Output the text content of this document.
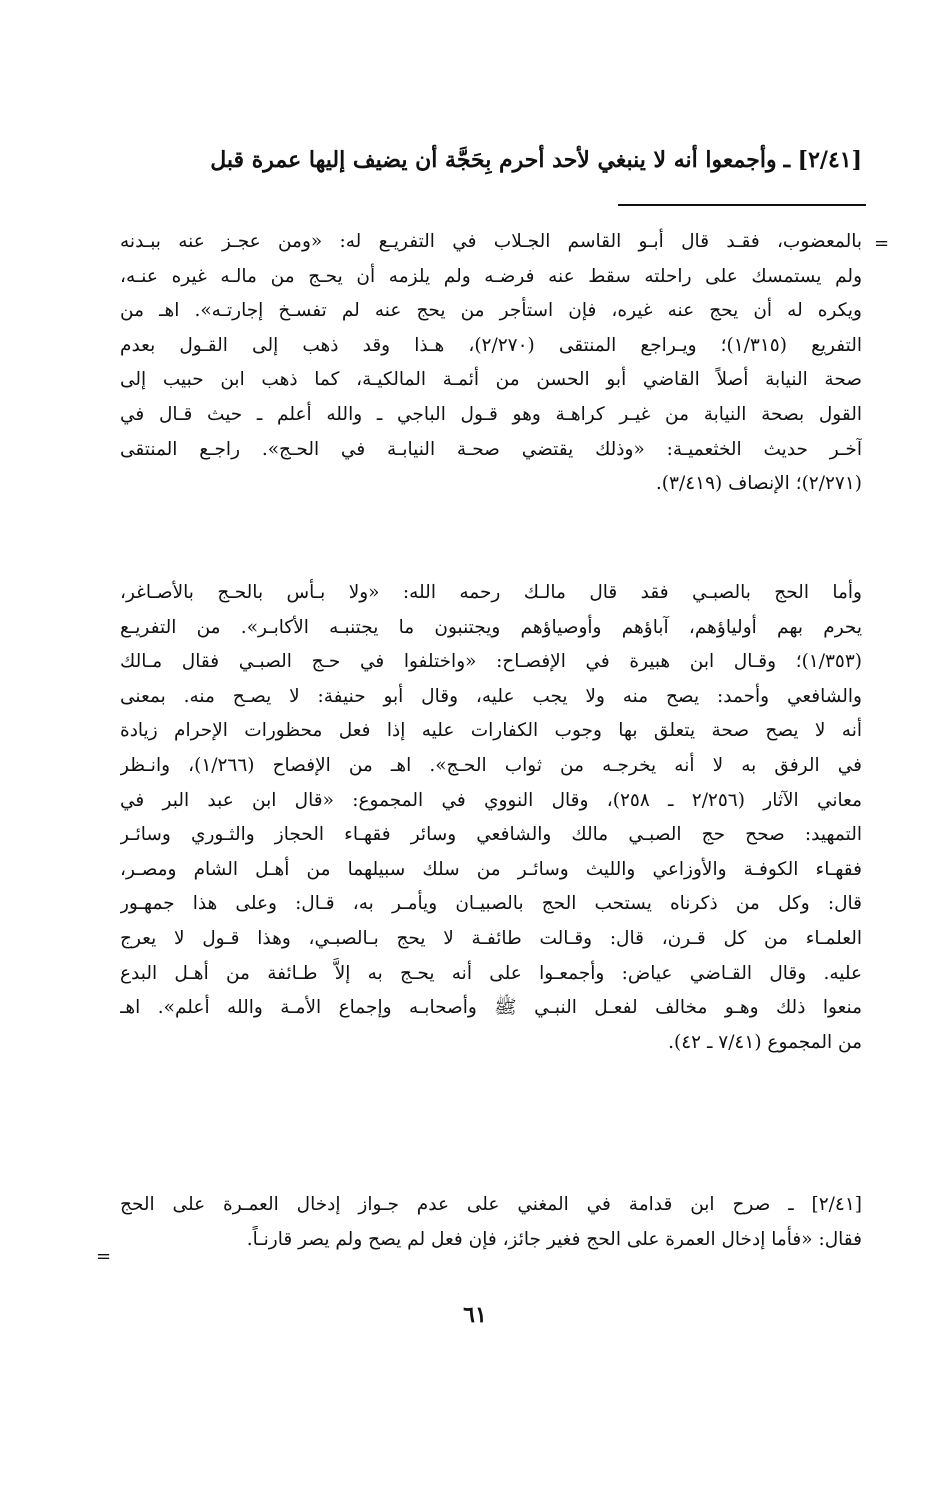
[٢/٤١] ـ وأجمعوا أنه لا ينبغي لأحد أحرم بِحَجَّة أن يضيف إليها عمرة قبل
=
بالمعضوب، فقـد قال أبـو القاسم الجـلاب في التفريـع له: «ومن عجـز عنه ببـدنه
ولم يستمسك على راحلته سقط عنه فرضـه ولم يلزمه أن يحـج من مالـه غيره عنـه،
ويكره له أن يحج عنه غيره، فإن استأجر من يحج عنه لم تفسـخ إجارتـه». اهـ من
التفريع (١/٣١٥)؛ ويـراجع المنتقى (٢/٢٧٠)، هـذا وقد ذهب إلى القـول بعدم
صحة النيابة أصلاً القاضي أبو الحسن من أئمـة المالكيـة، كما ذهب ابن حبيب إلى
القول بصحة النيابة من غيـر كراهـة وهو قـول الباجي ـ والله أعلم ـ حيث قـال في
آخـر حديث الخثعميـة: «وذلك يقتضي صحـة النيابـة في الحـج». راجـع المنتقى
(٢/٢٧١)؛ الإنصاف (٣/٤١٩).
وأما الحج بالصبـي فقد قال مالـك رحمه الله: «ولا بـأس بالحـج بالأصـاغر،
يحرم بهم أولياؤهم، آباؤهم وأوصياؤهم ويجتنبون ما يجتنبـه الأكابـر». من التفريـع
(١/٣٥٣)؛ وقـال ابن هبيرة في الإفصـاح: «واختلفوا في حـج الصبـي فقال مـالك
والشافعي وأحمد: يصح منه ولا يجب عليه، وقال أبو حنيفة: لا يصـح منه. بمعنى
أنه لا يصح صحة يتعلق بها وجوب الكفارات عليه إذا فعل محظورات الإحرام زيادة
في الرفق به لا أنه يخرجـه من ثواب الحـج». اهـ من الإفصاح (١/٢٦٦)، وانـظر
معاني الآثار (٢/٢٥٦ ـ ٢٥٨)، وقال النووي في المجموع: «قال ابن عبد البر في
التمهيد: صحح حج الصبـي مالك والشافعي وسائر فقهـاء الحجاز والثـوري وسائـر
فقهـاء الكوفـة والأوزاعي والليث وسائـر من سلك سبيلهما من أهـل الشام ومصـر،
قال: وكل من ذكرناه يستحب الحج بالصبيـان ويأمـر به، قـال: وعلى هذا جمهـور
العلمـاء من كل قـرن، قال: وقـالت طائفـة لا يحج بـالصبـي، وهذا قـول لا يعرج
عليه. وقال القـاضي عياض: وأجمعـوا على أنه يحـج به إلاَّ طـائفة من أهـل البدع
منعوا ذلك وهـو مخالف لفعـل النبـي ﷺ وأصحابـه وإجماع الأمـة والله أعلم». اهـ
من المجموع (٧/٤١ ـ ٤٢).
[٢/٤١] ـ صرح ابن قدامة في المغني على عدم جـواز إدخال العمـرة على الحج
فقال: «فأما إدخال العمرة على الحج فغير جائز، فإن فعل لم يصح ولم يصر قارنـاً.
=
٦١
